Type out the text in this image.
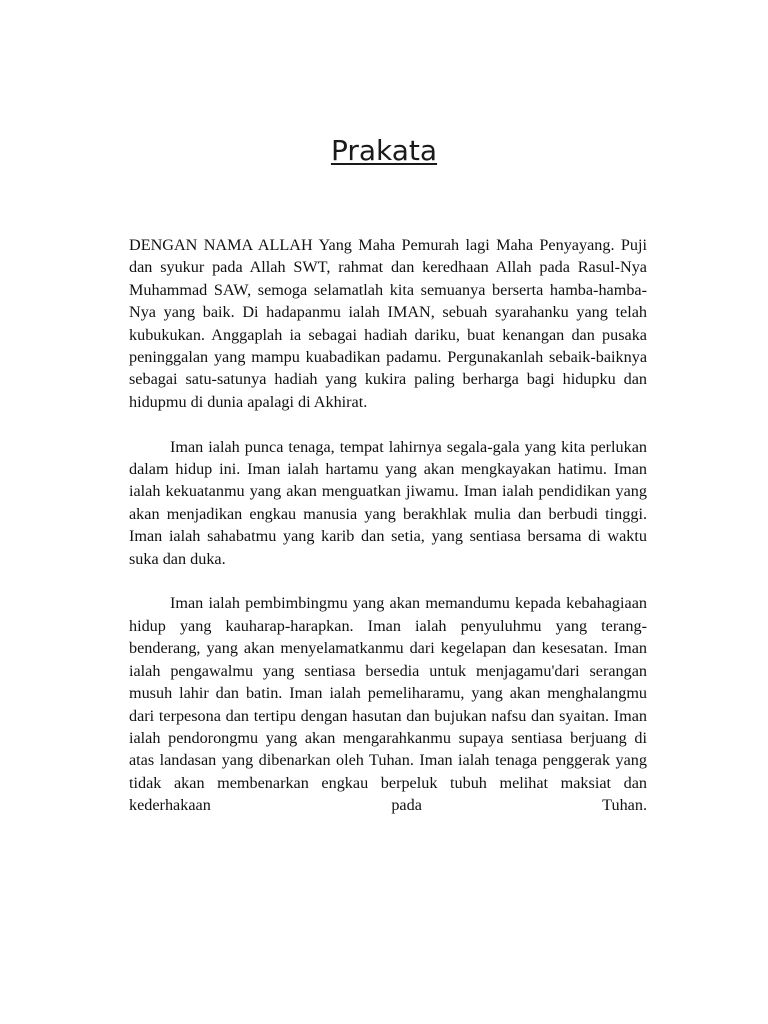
Prakata

DENGAN NAMA ALLAH Yang Maha Pemurah lagi Maha Penyayang. Puji dan syukur pada Allah SWT, rahmat dan keredhaan Allah pada Rasul-Nya Muhammad SAW, semoga selamatlah kita semuanya berserta hamba-hamba-Nya yang baik. Di hadapanmu ialah IMAN, sebuah syarahanku yang telah kubukukan. Anggaplah ia sebagai hadiah dariku, buat kenangan dan pusaka peninggalan yang mampu kuabadikan padamu. Pergunakanlah sebaik-baiknya sebagai satu-satunya hadiah yang kukira paling berharga bagi hidupku dan hidupmu di dunia apalagi di Akhirat.

Iman ialah punca tenaga, tempat lahirnya segala-gala yang kita perlukan dalam hidup ini. Iman ialah hartamu yang akan mengkayakan hatimu. Iman ialah kekuatanmu yang akan menguatkan jiwamu. Iman ialah pendidikan yang akan menjadikan engkau manusia yang berakhlak mulia dan berbudi tinggi. Iman ialah sahabatmu yang karib dan setia, yang sentiasa bersama di waktu suka dan duka.

Iman ialah pembimbingmu yang akan memandumu kepada kebahagiaan hidup yang kauharap-harapkan. Iman ialah penyuluhmu yang terang-benderang, yang akan menyelamatkanmu dari kegelapan dan kesesatan. Iman ialah pengawalmu yang sentiasa bersedia untuk menjagamu'dari serangan musuh lahir dan batin. Iman ialah pemeliharamu, yang akan menghalangmu dari terpesona dan tertipu dengan hasutan dan bujukan nafsu dan syaitan. Iman ialah pendorongmu yang akan mengarahkanmu supaya sentiasa berjuang di atas landasan yang dibenarkan oleh Tuhan. Iman ialah tenaga penggerak yang tidak akan membenarkan engkau berpeluk tubuh melihat maksiat dan kederhakaan pada Tuhan.
